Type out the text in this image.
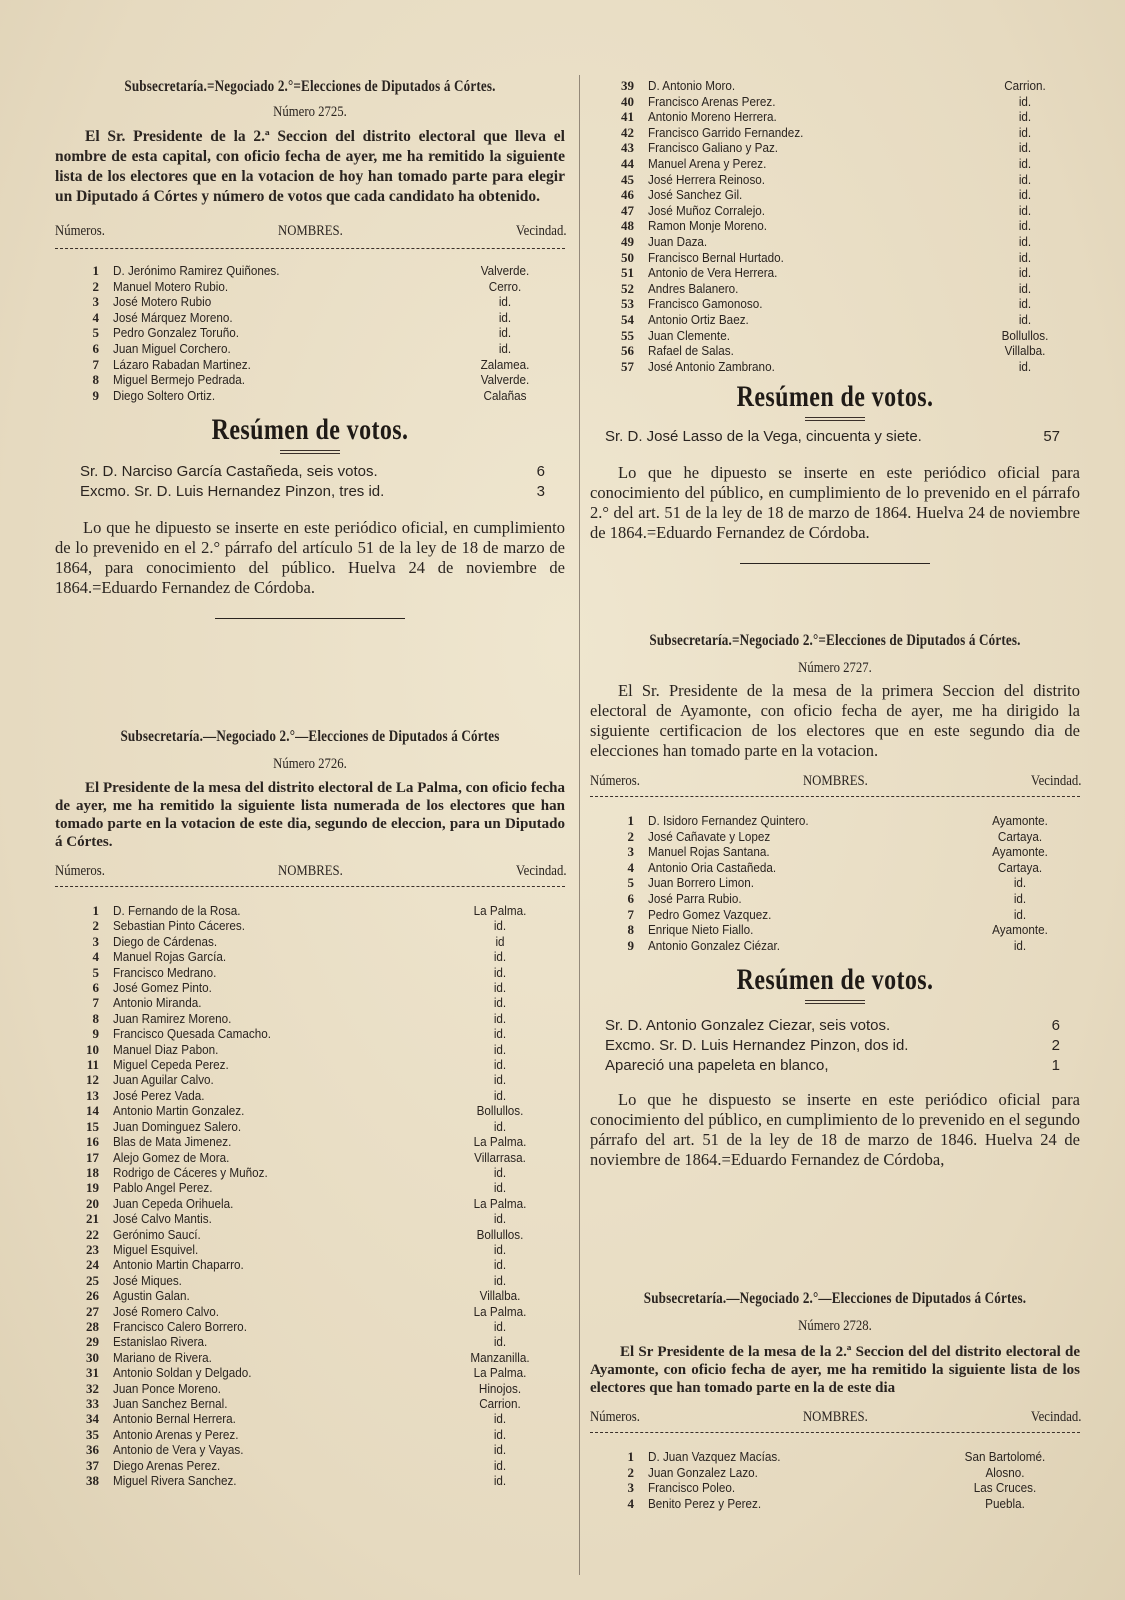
Subsecretaría.=Negociado 2.°=Elecciones de Diputados á Córtes.
Número 2725.
El Sr. Presidente de la 2.ª Seccion del distrito electoral que lleva el nombre de esta capital, con oficio fecha de ayer, me ha remitido la siguiente lista de los electores que en la votacion de hoy han tomado parte para elegir un Diputado á Córtes y número de votos que cada candidato ha obtenido.
Números.	NOMBRES.	Vecindad.
1	D. Jerónimo Ramirez Quiñones.	Valverde.
2	Manuel Motero Rubio.	Cerro.
3	José Motero Rubio	id.
4	José Márquez Moreno.	id.
5	Pedro Gonzalez Toruño.	id.
6	Juan Miguel Corchero.	id.
7	Lázaro Rabadan Martinez.	Zalamea.
8	Miguel Bermejo Pedrada.	Valverde.
9	Diego Soltero Ortiz.	Calañas
Resúmen de votos.
Sr. D. Narciso García Castañeda, seis votos.	6
Excmo. Sr. D. Luis Hernandez Pinzon, tres id.	3
Lo que he dipuesto se inserte en este periódico oficial, en cumplimiento de lo prevenido en el 2.° párrafo del artículo 51 de la ley de 18 de marzo de 1864, para conocimiento del público. Huelva 24 de noviembre de 1864.=Eduardo Fernandez de Córdoba.
Subsecretaría.—Negociado 2.°—Elecciones de Diputados á Córtes
Número 2726.
El Presidente de la mesa del distrito electoral de La Palma, con oficio fecha de ayer, me ha remitido la siguiente lista numerada de los electores que han tomado parte en la votacion de este dia, segundo de eleccion, para un Diputado á Córtes.
Números.	NOMBRES.	Vecindad.
1	D. Fernando de la Rosa.	La Palma.
2	Sebastian Pinto Cáceres.	id.
3	Diego de Cárdenas.	id
4	Manuel Rojas García.	id.
5	Francisco Medrano.	id.
6	José Gomez Pinto.	id.
7	Antonio Miranda.	id.
8	Juan Ramirez Moreno.	id.
9	Francisco Quesada Camacho.	id.
10	Manuel Diaz Pabon.	id.
11	Miguel Cepeda Perez.	id.
12	Juan Aguilar Calvo.	id.
13	José Perez Vada.	id.
14	Antonio Martin Gonzalez.	Bollullos.
15	Juan Dominguez Salero.	id.
16	Blas de Mata Jimenez.	La Palma.
17	Alejo Gomez de Mora.	Villarrasa.
18	Rodrigo de Cáceres y Muñoz.	id.
19	Pablo Angel Perez.	id.
20	Juan Cepeda Orihuela.	La Palma.
21	José Calvo Mantis.	id.
22	Gerónimo Saucí.	Bollullos.
23	Miguel Esquivel.	id.
24	Antonio Martin Chaparro.	id.
25	José Miques.	id.
26	Agustin Galan.	Villalba.
27	José Romero Calvo.	La Palma.
28	Francisco Calero Borrero.	id.
29	Estanislao Rivera.	id.
30	Mariano de Rivera.	Manzanilla.
31	Antonio Soldan y Delgado.	La Palma.
32	Juan Ponce Moreno.	Hinojos.
33	Juan Sanchez Bernal.	Carrion.
34	Antonio Bernal Herrera.	id.
35	Antonio Arenas y Perez.	id.
36	Antonio de Vera y Vayas.	id.
37	Diego Arenas Perez.	id.
38	Miguel Rivera Sanchez.	id.
39	D. Antonio Moro.	Carrion.
40	Francisco Arenas Perez.	id.
41	Antonio Moreno Herrera.	id.
42	Francisco Garrido Fernandez.	id.
43	Francisco Galiano y Paz.	id.
44	Manuel Arena y Perez.	id.
45	José Herrera Reinoso.	id.
46	José Sanchez Gil.	id.
47	José Muñoz Corralejo.	id.
48	Ramon Monje Moreno.	id.
49	Juan Daza.	id.
50	Francisco Bernal Hurtado.	id.
51	Antonio de Vera Herrera.	id.
52	Andres Balanero.	id.
53	Francisco Gamonoso.	id.
54	Antonio Ortiz Baez.	id.
55	Juan Clemente.	Bollullos.
56	Rafael de Salas.	Villalba.
57	José Antonio Zambrano.	id.
Resúmen de votos.
Sr. D. José Lasso de la Vega, cincuenta y siete.	57
Lo que he dipuesto se inserte en este periódico oficial para conocimiento del público, en cumplimiento de lo prevenido en el párrafo 2.° del art. 51 de la ley de 18 de marzo de 1864. Huelva 24 de noviembre de 1864.=Eduardo Fernandez de Córdoba.
Subsecretaría.=Negociado 2.°=Elecciones de Diputados á Córtes.
Número 2727.
El Sr. Presidente de la mesa de la primera Seccion del distrito electoral de Ayamonte, con oficio fecha de ayer, me ha dirigido la siguiente certificacion de los electores que en este segundo dia de elecciones han tomado parte en la votacion.
Números.	NOMBRES.	Vecindad.
1	D. Isidoro Fernandez Quintero.	Ayamonte.
2	José Cañavate y Lopez	Cartaya.
3	Manuel Rojas Santana.	Ayamonte.
4	Antonio Oria Castañeda.	Cartaya.
5	Juan Borrero Limon.	id.
6	José Parra Rubio.	id.
7	Pedro Gomez Vazquez.	id.
8	Enrique Nieto Fiallo.	Ayamonte.
9	Antonio Gonzalez Ciézar.	id.
Resúmen de votos.
Sr. D. Antonio Gonzalez Ciezar, seis votos.	6
Excmo. Sr. D. Luis Hernandez Pinzon, dos id.	2
Apareció una papeleta en blanco,	1
Lo que he dispuesto se inserte en este periódico oficial para conocimiento del público, en cumplimiento de lo prevenido en el segundo párrafo del art. 51 de la ley de 18 de marzo de 1846. Huelva 24 de noviembre de 1864.=Eduardo Fernandez de Córdoba,
Subsecretaría.—Negociado 2.°—Elecciones de Diputados á Córtes.
Número 2728.
El Sr Presidente de la mesa de la 2.ª Seccion del del distrito electoral de Ayamonte, con oficio fecha de ayer, me ha remitido la siguiente lista de los electores que han tomado parte en la de este dia
Números.	NOMBRES.	Vecindad.
1	D. Juan Vazquez Macías.	San Bartolomé.
2	Juan Gonzalez Lazo.	Alosno.
3	Francisco Poleo.	Las Cruces.
4	Benito Perez y Perez.	Puebla.
